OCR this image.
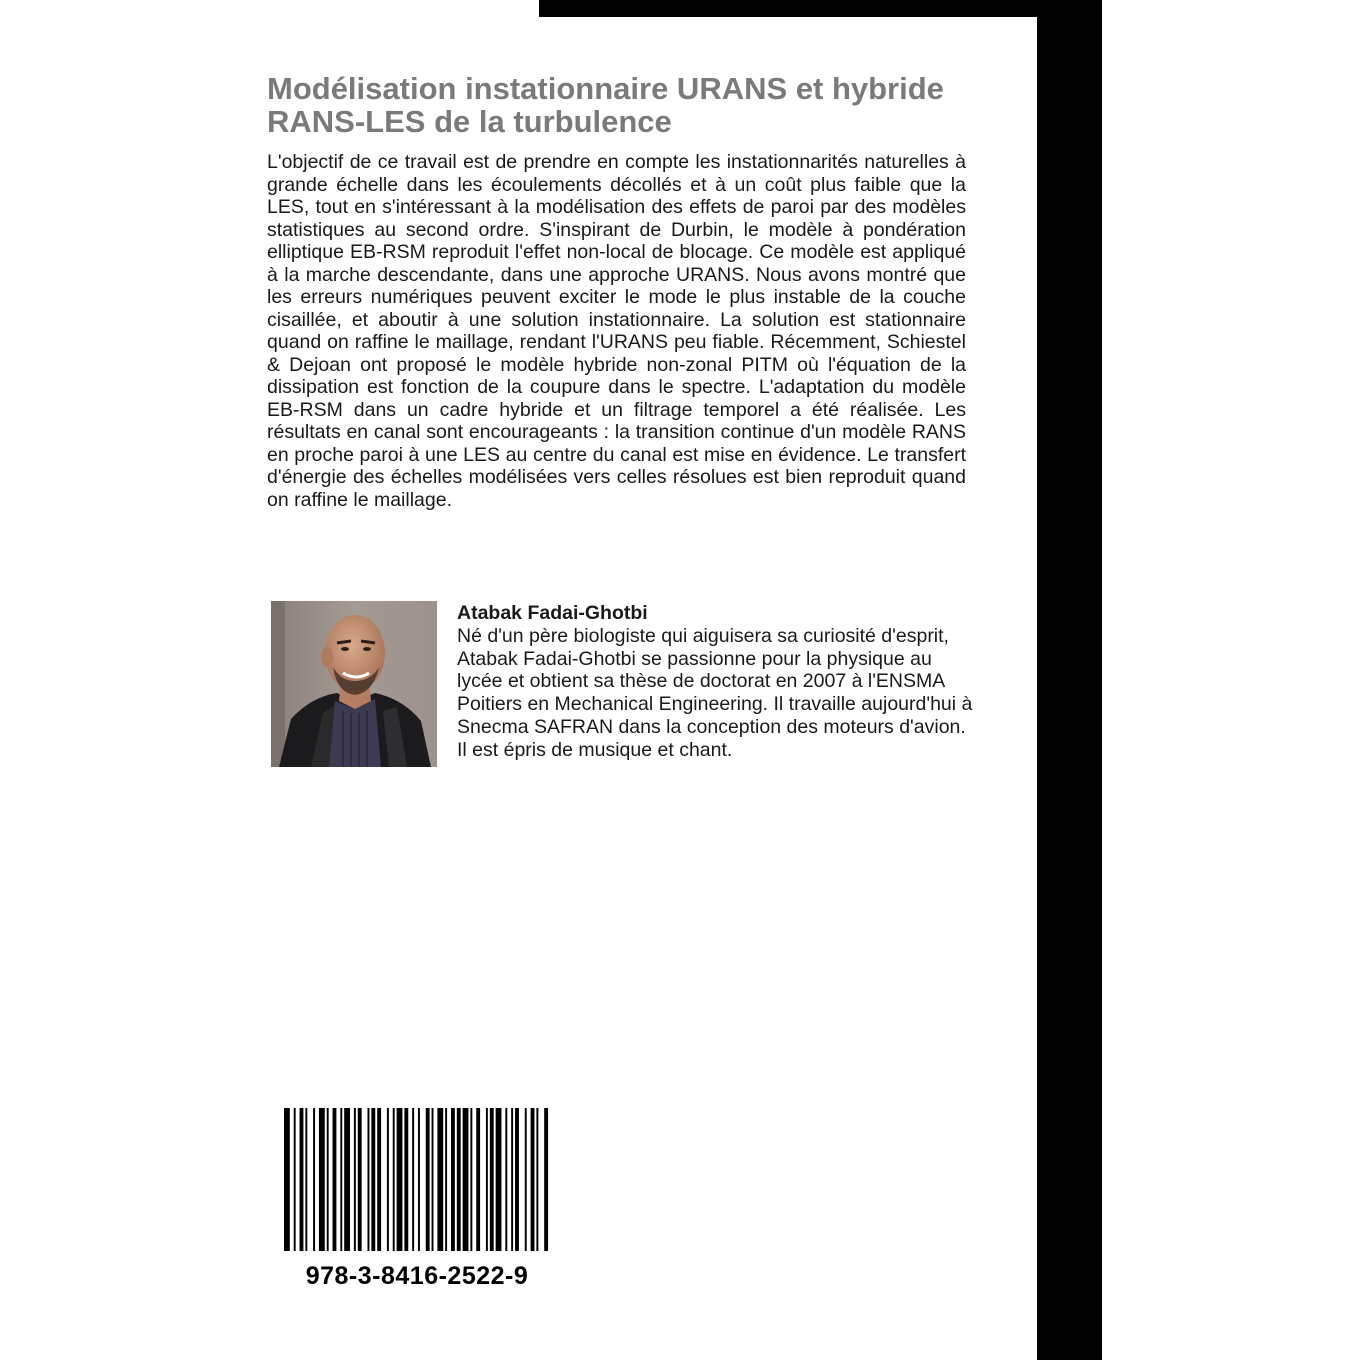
Modélisation instationnaire URANS et hybride RANS-LES de la turbulence

L'objectif de ce travail est de prendre en compte les instationnarités naturelles à grande échelle dans les écoulements décollés et à un coût plus faible que la LES, tout en s'intéressant à la modélisation des effets de paroi par des modèles statistiques au second ordre. S'inspirant de Durbin, le modèle à pondération elliptique EB-RSM reproduit l'effet non-local de blocage. Ce modèle est appliqué à la marche descendante, dans une approche URANS. Nous avons montré que les erreurs numériques peuvent exciter le mode le plus instable de la couche cisaillée, et aboutir à une solution instationnaire. La solution est stationnaire quand on raffine le maillage, rendant l'URANS peu fiable. Récemment, Schiestel & Dejoan ont proposé le modèle hybride non-zonal PITM où l'équation de la dissipation est fonction de la coupure dans le spectre. L'adaptation du modèle EB-RSM dans un cadre hybride et un filtrage temporel a été réalisée. Les résultats en canal sont encourageants : la transition continue d'un modèle RANS en proche paroi à une LES au centre du canal est mise en évidence. Le transfert d'énergie des échelles modélisées vers celles résolues est bien reproduit quand on raffine le maillage.

Atabak Fadai-Ghotbi

Né d'un père biologiste qui aiguisera sa curiosité d'esprit, Atabak Fadai-Ghotbi se passionne pour la physique au lycée et obtient sa thèse de doctorat en 2007 à l'ENSMA Poitiers en Mechanical Engineering. Il travaille aujourd'hui à Snecma SAFRAN dans la conception des moteurs d'avion. Il est épris de musique et chant.

978-3-8416-2522-9
